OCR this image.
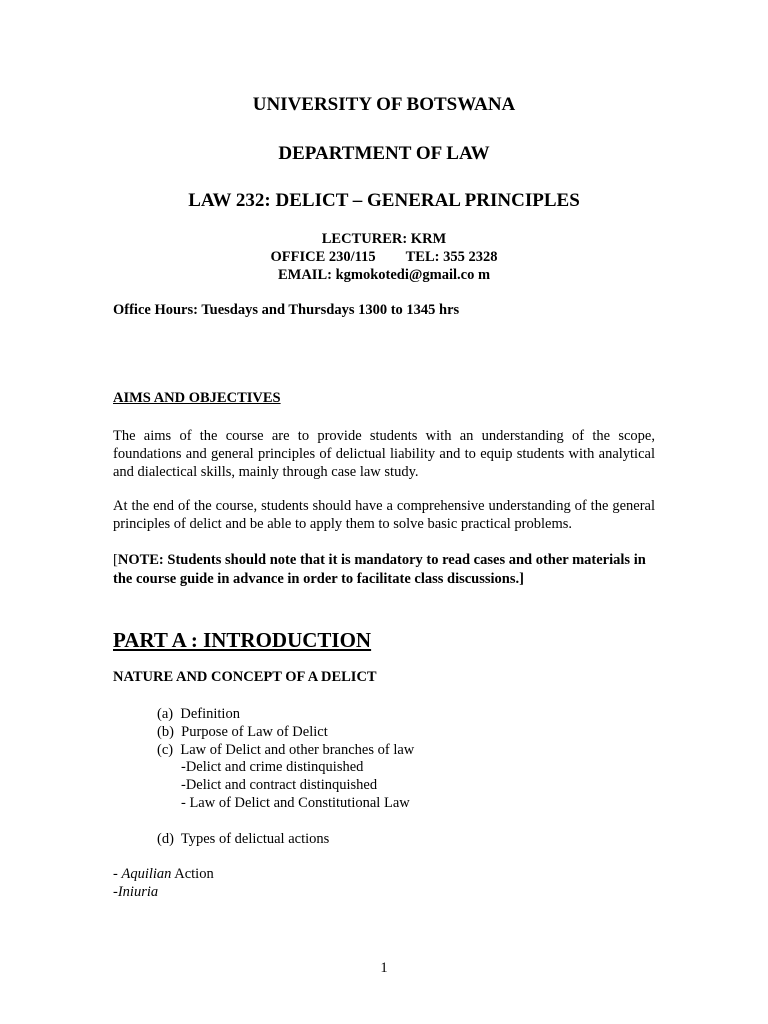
UNIVERSITY OF BOTSWANA
DEPARTMENT OF LAW
LAW 232: DELICT – GENERAL PRINCIPLES
LECTURER: KRM
OFFICE 230/115 TEL: 355 2328
EMAIL: kgmokotedi@gmail.co m
Office Hours: Tuesdays and Thursdays 1300 to 1345 hrs
AIMS AND OBJECTIVES
The aims of the course are to provide students with an understanding of the scope, foundations and general principles of delictual liability and to equip students with analytical and dialectical skills, mainly through case law study.
At the end of the course, students should have a comprehensive understanding of the general principles of delict and be able to apply them to solve basic practical problems.
[NOTE: Students should note that it is mandatory to read cases and other materials in the course guide in advance in order to facilitate class discussions.]
PART A : INTRODUCTION
NATURE AND CONCEPT OF A DELICT
(a)  Definition
(b)  Purpose of Law of Delict
(c)  Law of Delict and other branches of law
-Delict and crime distinquished
-Delict and contract distinquished
- Law of Delict and Constitutional Law
(d)  Types of delictual actions
- Aquilian Action
-Iniuria
1
